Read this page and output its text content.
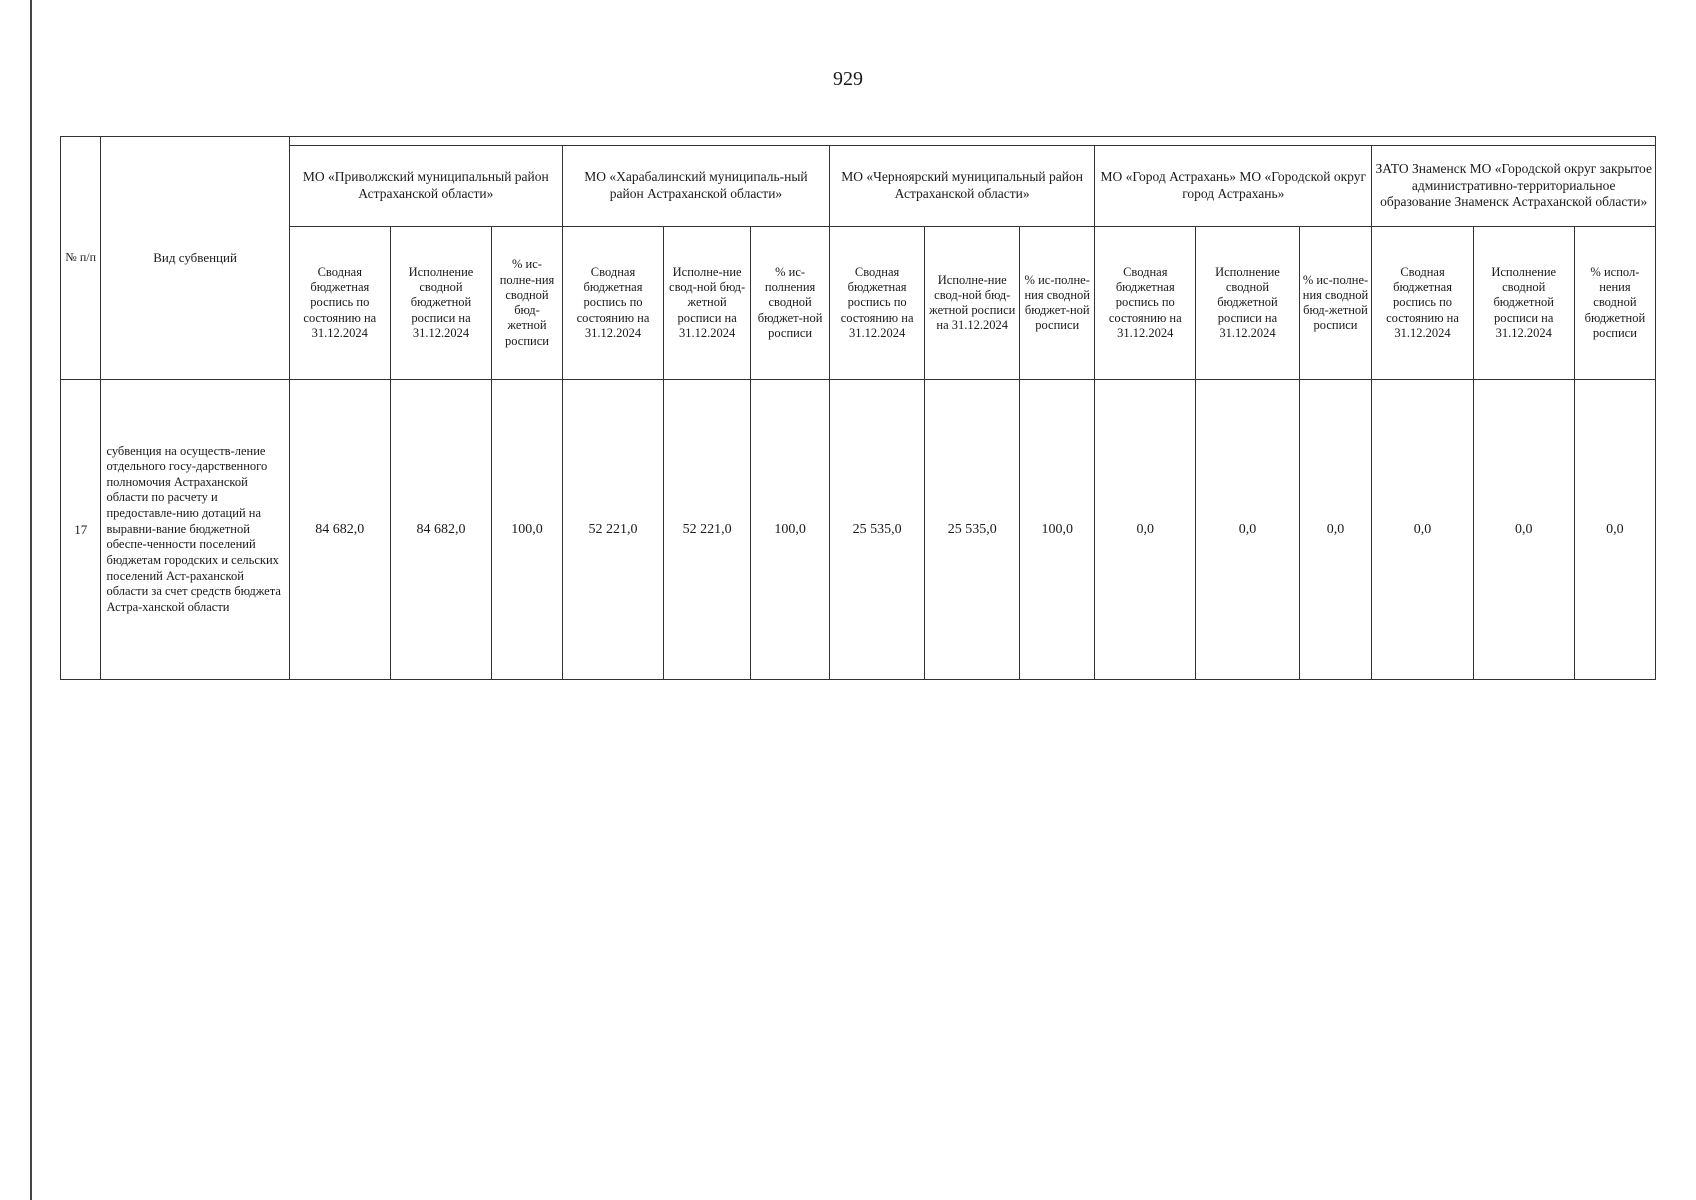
929
№ п/п	Вид субвенций															
		МО «Приволжский муниципальный район Астраханской области»			МО «Харабалинский муниципаль-ный район Астраханской области»			МО «Черноярский муниципальный район Астраханской области»			МО «Город Астрахань» МО «Городской округ город Астрахань»			ЗАТО Знаменск МО «Городской округ закрытое административно-территориальное образование Знаменск Астраханской области»		
		Сводная бюджетная роспись по состоянию на 31.12.2024	Исполнение сводной бюджетной росписи на 31.12.2024	% ис-полне-ния сводной бюд-жетной росписи	Сводная бюджетная роспись по состоянию на 31.12.2024	Исполне-ние свод-ной бюд-жетной росписи на 31.12.2024	% ис-полнения сводной бюджет-ной росписи	Сводная бюджетная роспись по состоянию на 31.12.2024	Исполне-ние свод-ной бюд-жетной росписи на 31.12.2024	% ис-полне-ния сводной бюджет-ной росписи	Сводная бюджетная роспись по состоянию на 31.12.2024	Исполнение сводной бюджетной росписи на 31.12.2024	% ис-полне-ния сводной бюд-жетной росписи	Сводная бюджетная роспись по состоянию на 31.12.2024	Исполнение сводной бюджетной росписи на 31.12.2024	% испол-нения сводной бюджетной росписи
17	субвенция на осуществ-ление отдельного госу-дарственного полномочия Астраханской области по расчету и предоставле-нию дотаций на выравни-вание бюджетной обеспе-ченности поселений бюджетам городских и сельских поселений Аст-раханской области за счет средств бюджета Астра-ханской области	84 682,0	84 682,0	100,0	52 221,0	52 221,0	100,0	25 535,0	25 535,0	100,0	0,0	0,0	0,0	0,0	0,0	0,0
